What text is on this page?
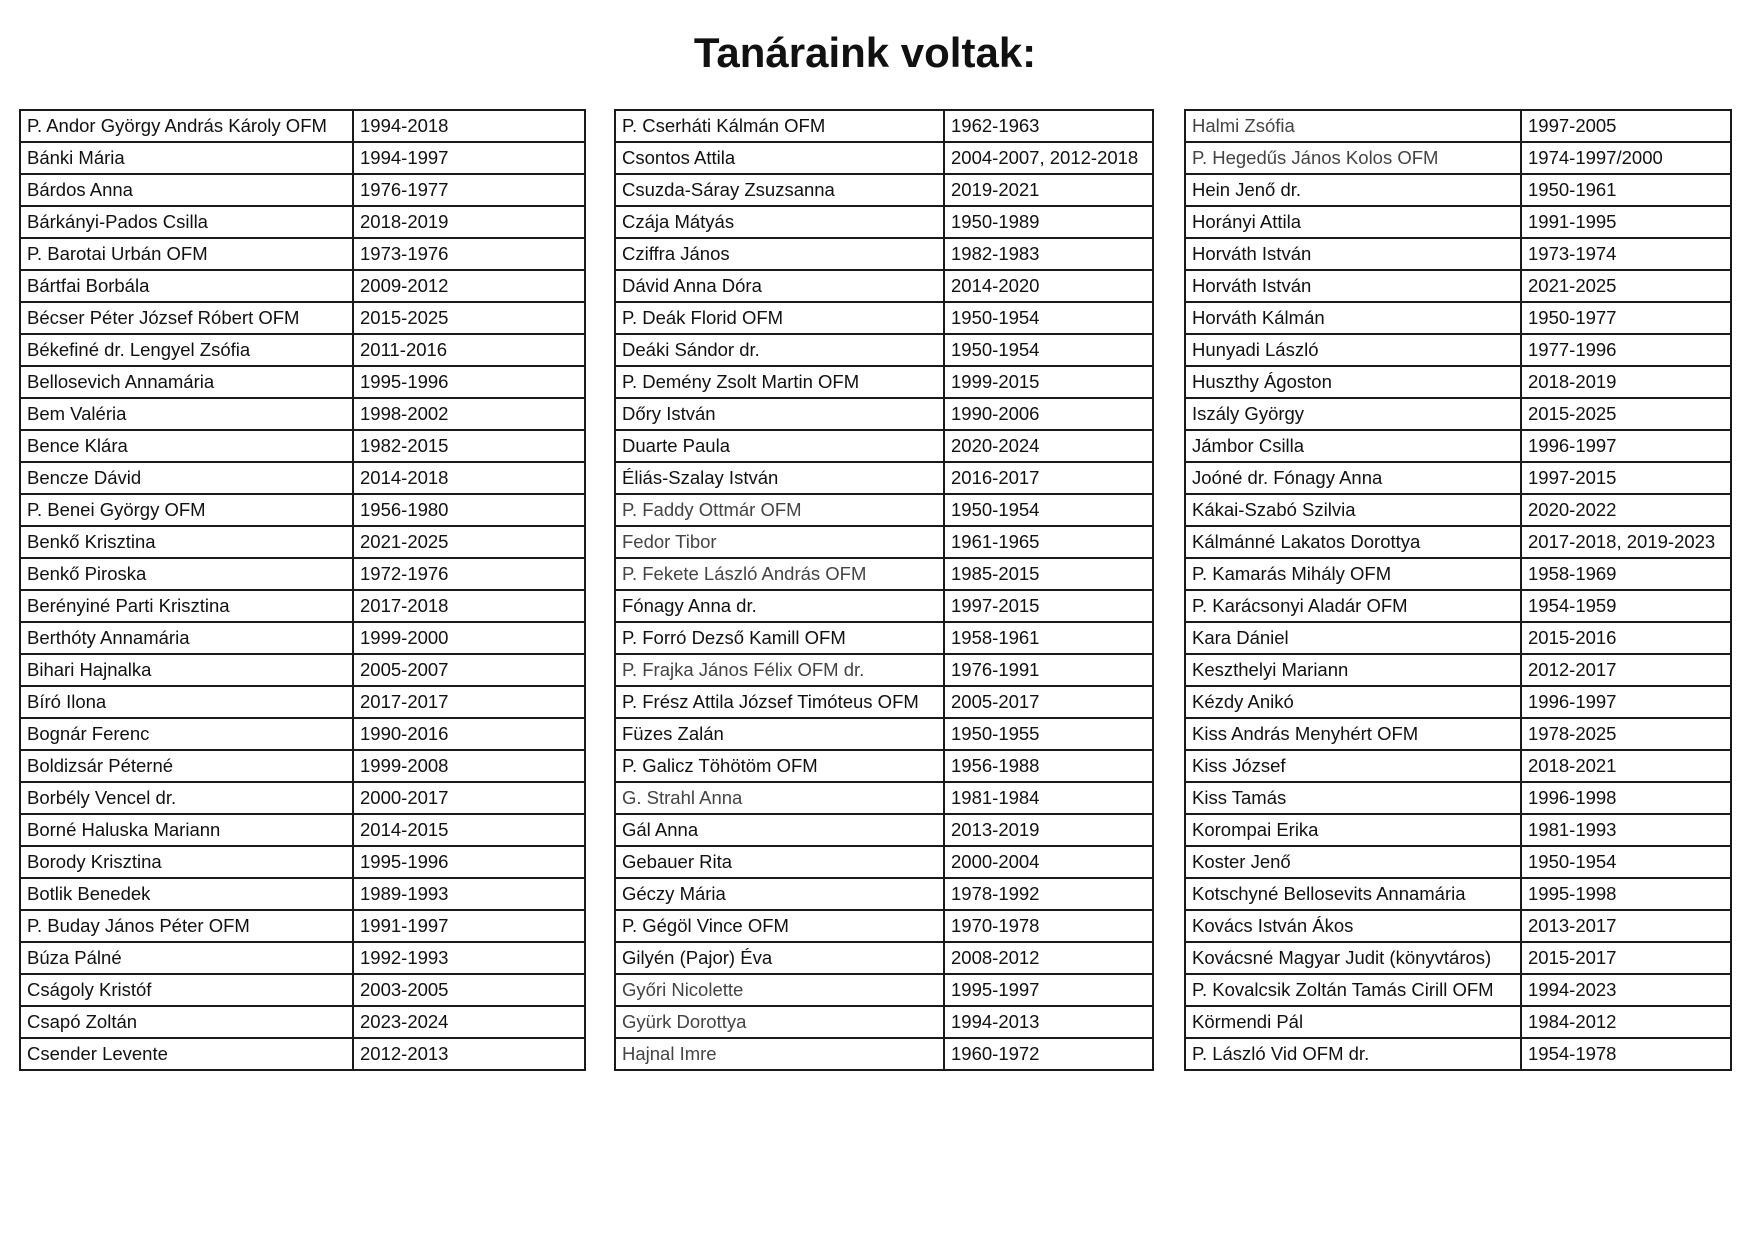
Tanáraink voltak:
P. Andor György András Károly OFM	1994-2018
Bánki Mária	1994-1997
Bárdos Anna	1976-1977
Bárkányi-Pados Csilla	2018-2019
P. Barotai Urbán OFM	1973-1976
Bártfai Borbála	2009-2012
Bécser Péter József Róbert OFM	2015-2025
Békefiné dr. Lengyel Zsófia	2011-2016
Bellosevich Annamária	1995-1996
Bem Valéria	1998-2002
Bence Klára	1982-2015
Bencze Dávid	2014-2018
P. Benei György OFM	1956-1980
Benkő Krisztina	2021-2025
Benkő Piroska	1972-1976
Berényiné Parti Krisztina	2017-2018
Berthóty Annamária	1999-2000
Bihari Hajnalka	2005-2007
Bíró Ilona	2017-2017
Bognár Ferenc	1990-2016
Boldizsár Péterné	1999-2008
Borbély Vencel dr.	2000-2017
Borné Haluska Mariann	2014-2015
Borody Krisztina	1995-1996
Botlik Benedek	1989-1993
P. Buday János Péter OFM	1991-1997
Búza Pálné	1992-1993
Cságoly Kristóf	2003-2005
Csapó Zoltán	2023-2024
Csender Levente	2012-2013
P. Cserháti Kálmán OFM	1962-1963
Csontos Attila	2004-2007, 2012-2018
Csuzda-Sáray Zsuzsanna	2019-2021
Czája Mátyás	1950-1989
Cziffra János	1982-1983
Dávid Anna Dóra	2014-2020
P. Deák Florid OFM	1950-1954
Deáki Sándor dr.	1950-1954
P. Demény Zsolt Martin OFM	1999-2015
Dőry István	1990-2006
Duarte Paula	2020-2024
Éliás-Szalay István	2016-2017
P. Faddy Ottmár OFM	1950-1954
Fedor Tibor	1961-1965
P. Fekete László András OFM	1985-2015
Fónagy Anna dr.	1997-2015
P. Forró Dezső Kamill OFM	1958-1961
P. Frajka János Félix OFM dr.	1976-1991
P. Frész Attila József Timóteus OFM	2005-2017
Füzes Zalán	1950-1955
P. Galicz Töhötöm OFM	1956-1988
G. Strahl Anna	1981-1984
Gál Anna	2013-2019
Gebauer Rita	2000-2004
Géczy Mária	1978-1992
P. Gégöl Vince OFM	1970-1978
Gilyén (Pajor) Éva	2008-2012
Győri Nicolette	1995-1997
Gyürk Dorottya	1994-2013
Hajnal Imre	1960-1972
Halmi Zsófia	1997-2005
P. Hegedűs János Kolos OFM	1974-1997/2000
Hein Jenő dr.	1950-1961
Horányi Attila	1991-1995
Horváth István	1973-1974
Horváth István	2021-2025
Horváth Kálmán	1950-1977
Hunyadi László	1977-1996
Huszthy Ágoston	2018-2019
Iszály György	2015-2025
Jámbor Csilla	1996-1997
Joóné dr. Fónagy Anna	1997-2015
Kákai-Szabó Szilvia	2020-2022
Kálmánné Lakatos Dorottya	2017-2018, 2019-2023
P. Kamarás Mihály OFM	1958-1969
P. Karácsonyi Aladár OFM	1954-1959
Kara Dániel	2015-2016
Keszthelyi Mariann	2012-2017
Kézdy Anikó	1996-1997
Kiss András Menyhért OFM	1978-2025
Kiss József	2018-2021
Kiss Tamás	1996-1998
Korompai Erika	1981-1993
Koster Jenő	1950-1954
Kotschyné Bellosevits Annamária	1995-1998
Kovács István Ákos	2013-2017
Kovácsné Magyar Judit (könyvtáros)	2015-2017
P. Kovalcsik Zoltán Tamás Cirill OFM	1994-2023
Körmendi Pál	1984-2012
P. László Vid OFM dr.	1954-1978
